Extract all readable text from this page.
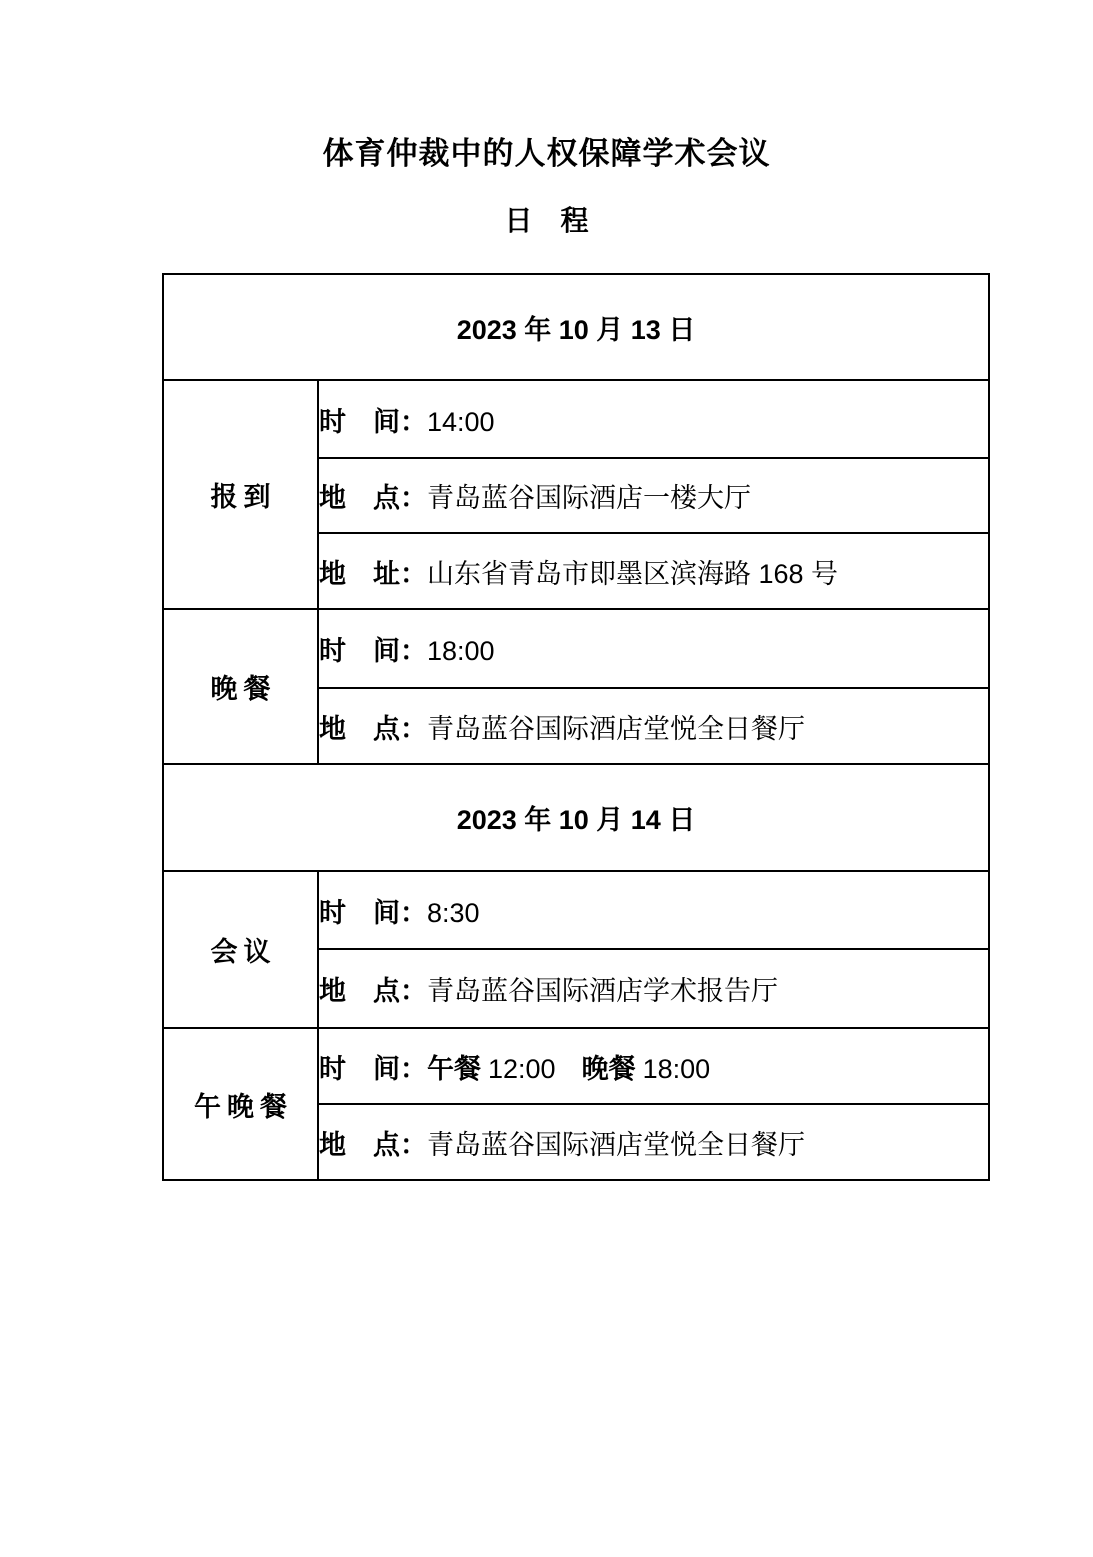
体育仲裁中的人权保障学术会议
日　程
2023 年 10 月 13 日	
报到	时　间：14:00
	地　点：青岛蓝谷国际酒店一楼大厅
	地　址：山东省青岛市即墨区滨海路 168 号
晚餐	时　间：18:00
	地　点：青岛蓝谷国际酒店堂悦全日餐厅
2023 年 10 月 14 日	
会议	时　间：8:30
	地　点：青岛蓝谷国际酒店学术报告厅
午晚餐	时　间：午餐 12:00 晚餐 18:00
	地　点：青岛蓝谷国际酒店堂悦全日餐厅
